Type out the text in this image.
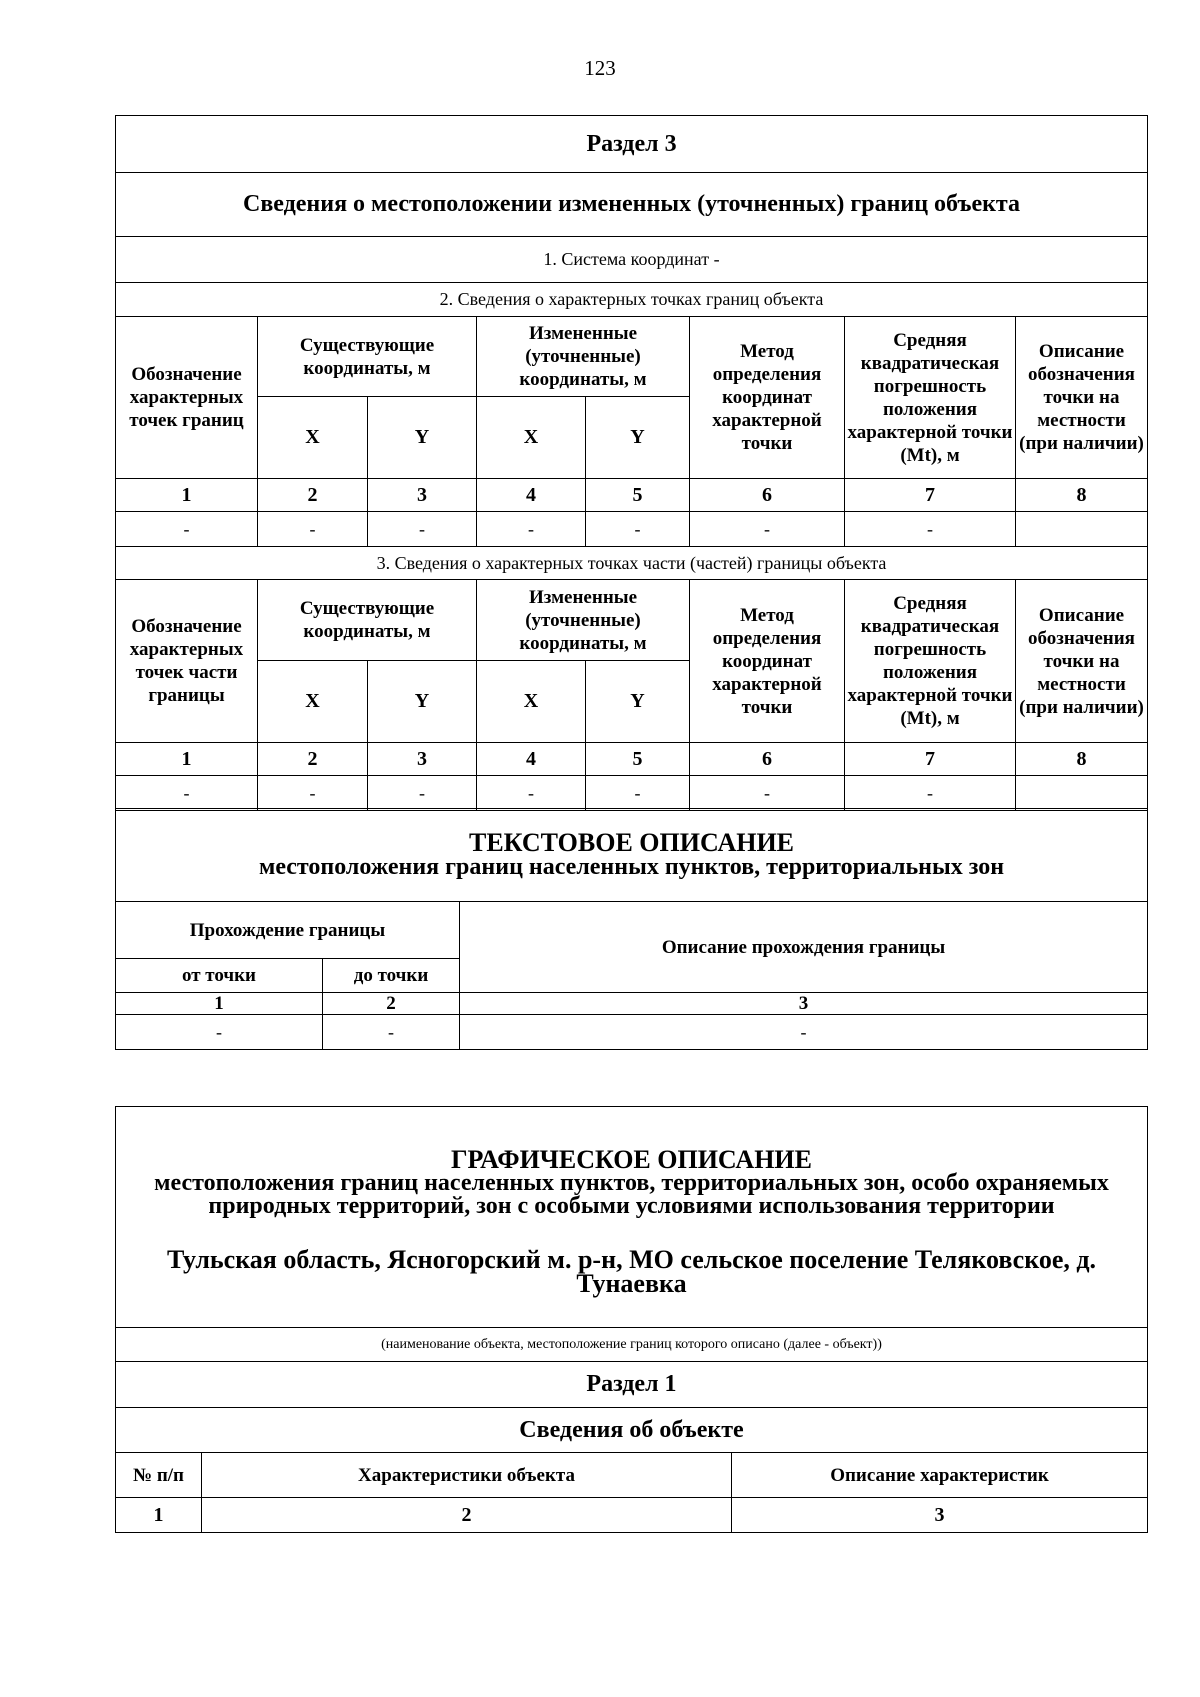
123
Раздел 3							
Сведения о местоположении измененных (уточненных) границ объекта							
1. Система координат -							
2. Сведения о характерных точках границ объекта							
Обозначение характерных точек границ	Существующие координаты, м		Измененные (уточненные) координаты, м		Метод определения координат характерной точки	Средняя квадратическая погрешность положения характерной точки (Mt), м	Описание обозначения точки на местности (при наличии)
	X	Y	X	Y			
1	2	3	4	5	6	7	8
-	-	-	-	-	-	-	
3. Сведения о характерных точках части (частей) границы объекта							
Обозначение характерных точек части границы	Существующие координаты, м		Измененные (уточненные) координаты, м		Метод определения координат характерной точки	Средняя квадратическая погрешность положения характерной точки (Mt), м	Описание обозначения точки на местности (при наличии)
	X	Y	X	Y			
1	2	3	4	5	6	7	8
-	-	-	-	-	-	-	
ТЕКСТОВОЕ ОПИСАНИЕ
местоположения границ населенных пунктов, территориальных зон		

Прохождение границы		Описание прохождения границы
от точки	до точки	
1	2	3
-	-	-
ГРАФИЧЕСКОЕ ОПИСАНИЕ
местоположения границ населенных пунктов, территориальных зон, особо охраняемых природных территорий, зон с особыми условиями использования территории
Тульская область, Ясногорский м. р-н, МО сельское поселение Теляковское, д. Тунаевка		

(наименование объекта, местоположение границ которого описано (далее - объект))		
Раздел 1		
Сведения об объекте		
№ п/п	Характеристики объекта	Описание характеристик
1	2	3
